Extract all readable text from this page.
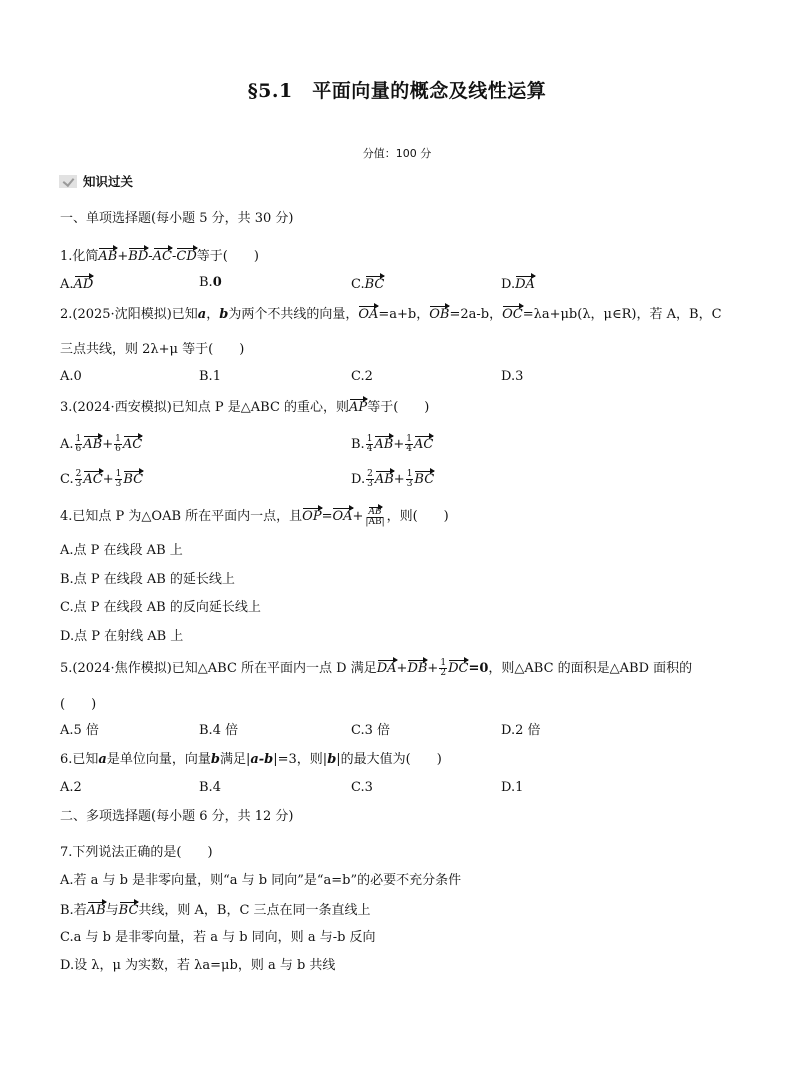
§5.1　平面向量的概念及线性运算
分值：100 分
知识过关
一、单项选择题(每小题 5 分，共 30 分)
1.化简AB+BD-AC-CD等于(　　)
A.AD	B.0	C.BC	D.DA
2.(2025·沈阳模拟)已知a，b为两个不共线的向量，OA=a+b，OB=2a-b，OC=λa+μb(λ，μ∈R)，若 A，B，C
三点共线，则 2λ+μ 等于(　　)
A.0	B.1	C.2	D.3
3.(2024·西安模拟)已知点 P 是△ABC 的重心，则AP等于(　　)
A. $\frac{1}{6} AB+ \frac{1}{6}$ AC	B. $\frac{1}{4} AB+ \frac{1}{4}$ AC
C. $\frac{2}{3} AC+ \frac{1}{3}$ BC	D. $\frac{2}{3} AB+ \frac{1}{3}$ BC
4.已知点 P 为△OAB 所在平面内一点，且$OP=OA+ \frac{AB}{|AB|}$ ，则(　　)
A.点 P 在线段 AB 上
B.点 P 在线段 AB 的延长线上
C.点 P 在线段 AB 的反向延长线上
D.点 P 在射线 AB 上
5.(2024·焦作模拟)已知△ABC 所在平面内一点 D 满足$DA+DB+ \frac{1}{2} DC=0$，则△ABC 的面积是△ABD 面积的
(　　)
A.5 倍	B.4 倍	C.3 倍	D.2 倍
6.已知a是单位向量，向量b满足|a-b|=3，则|b|的最大值为(　　)
A.2	B.4	C.3	D.1
二、多项选择题(每小题 6 分，共 12 分)
7.下列说法正确的是(　　)
A.若 a 与 b 是非零向量，则“a 与 b 同向”是“a=b”的必要不充分条件
B.若AB与BC共线，则 A，B，C 三点在同一条直线上
C.a 与 b 是非零向量，若 a 与 b 同向，则 a 与-b 反向
D.设 λ，μ 为实数，若 λa=μb，则 a 与 b 共线
